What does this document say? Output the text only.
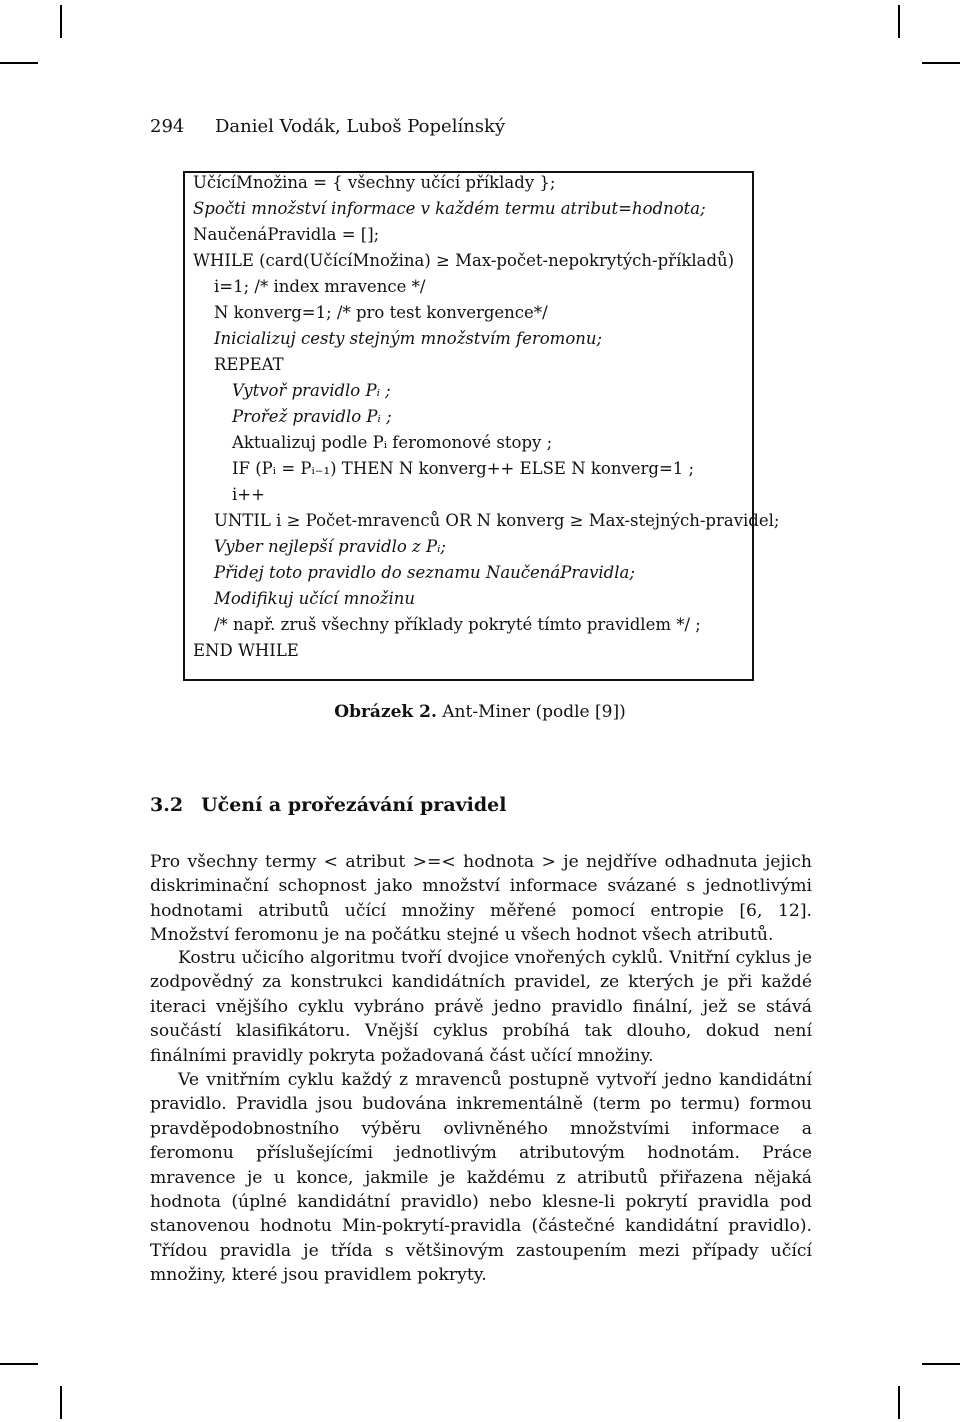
294	Daniel Vodák, Luboš Popelínský
UčícíMnožina = { všechny učící příklady };
Spočti množství informace v každém termu atribut=hodnota;
NaučenáPravidla = [];
WHILE (card(UčícíMnožina) ≥ Max-počet-nepokrytých-příkladů)
i=1; /* index mravence */
N konverg=1; /* pro test konvergence*/
Inicializuj cesty stejným množstvím feromonu;
REPEAT
Vytvoř pravidlo Pᵢ ;
Prořež pravidlo Pᵢ ;
Aktualizuj podle Pᵢ feromonové stopy ;
IF (Pᵢ = Pᵢ₋₁) THEN N konverg++ ELSE N konverg=1 ;
i++
UNTIL i ≥ Počet-mravenců OR N konverg ≥ Max-stejných-pravidel;
Vyber nejlepší pravidlo z Pᵢ;
Přidej toto pravidlo do seznamu NaučenáPravidla;
Modifikuj učící množinu
/* např. zruš všechny příklady pokryté tímto pravidlem */ ;
END WHILE
Obrázek 2. Ant-Miner (podle [9])
3.2 Učení a prořezávání pravidel
Pro všechny termy < atribut >=< hodnota > je nejdříve odhadnuta jejich diskriminační schopnost jako množství informace svázané s jednotlivými hodnotami atributů učící množiny měřené pomocí entropie [6, 12]. Množství feromonu je na počátku stejné u všech hodnot všech atributů.
Kostru učicího algoritmu tvoří dvojice vnořených cyklů. Vnitřní cyklus je zodpovědný za konstrukci kandidátních pravidel, ze kterých je při každé iteraci vnějšího cyklu vybráno právě jedno pravidlo finální, jež se stává součástí klasifikátoru. Vnější cyklus probíhá tak dlouho, dokud není finálními pravidly pokryta požadovaná část učící množiny.
Ve vnitřním cyklu každý z mravenců postupně vytvoří jedno kandidátní pravidlo. Pravidla jsou budována inkrementálně (term po termu) formou pravděpodobnostního výběru ovlivněného množstvími informace a feromonu příslušejícími jednotlivým atributovým hodnotám. Práce mravence je u konce, jakmile je každému z atributů přiřazena nějaká hodnota (úplné kandidátní pravidlo) nebo klesne-li pokrytí pravidla pod stanovenou hodnotu Min-pokrytí-pravidla (částečné kandidátní pravidlo). Třídou pravidla je třída s většinovým zastoupením mezi případy učící množiny, které jsou pravidlem pokryty.
